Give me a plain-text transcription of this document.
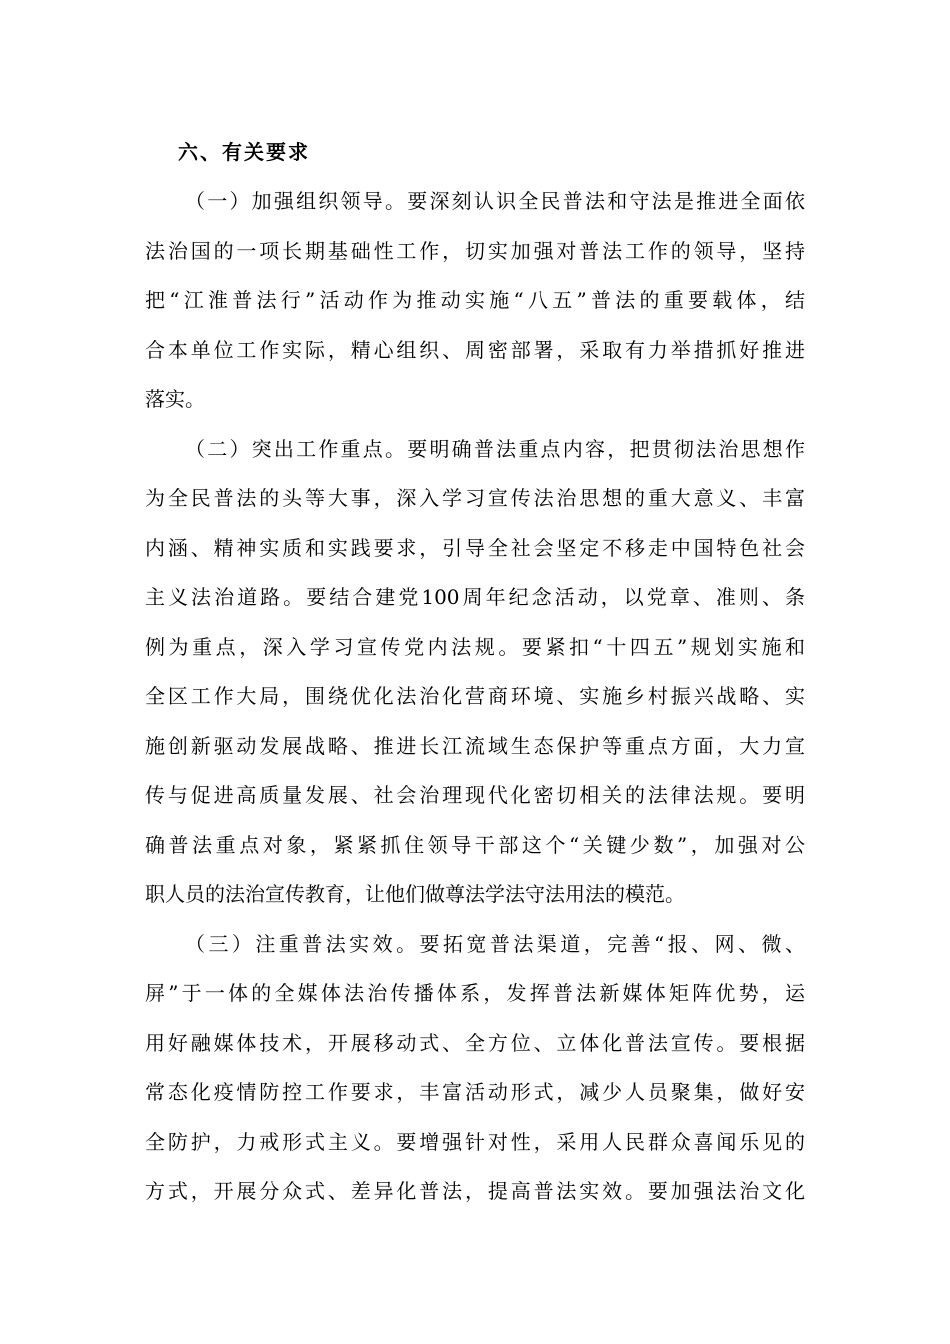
六、有关要求
（一）加强组织领导。要深刻认识全民普法和守法是推进全面依
法治国的一项长期基础性工作，切实加强对普法工作的领导，坚持
把“江淮普法行”活动作为推动实施“八五”普法的重要载体，结
合本单位工作实际，精心组织、周密部署，采取有力举措抓好推进
落实。
（二）突出工作重点。要明确普法重点内容，把贯彻法治思想作
为全民普法的头等大事，深入学习宣传法治思想的重大意义、丰富
内涵、精神实质和实践要求，引导全社会坚定不移走中国特色社会
主义法治道路。要结合建党100周年纪念活动，以党章、准则、条
例为重点，深入学习宣传党内法规。要紧扣“十四五”规划实施和
全区工作大局，围绕优化法治化营商环境、实施乡村振兴战略、实
施创新驱动发展战略、推进长江流域生态保护等重点方面，大力宣
传与促进高质量发展、社会治理现代化密切相关的法律法规。要明
确普法重点对象，紧紧抓住领导干部这个“关键少数”，加强对公
职人员的法治宣传教育，让他们做尊法学法守法用法的模范。
（三）注重普法实效。要拓宽普法渠道，完善“报、网、微、
屏”于一体的全媒体法治传播体系，发挥普法新媒体矩阵优势，运
用好融媒体技术，开展移动式、全方位、立体化普法宣传。要根据
常态化疫情防控工作要求，丰富活动形式，减少人员聚集，做好安
全防护，力戒形式主义。要增强针对性，采用人民群众喜闻乐见的
方式，开展分众式、差异化普法，提高普法实效。要加强法治文化
